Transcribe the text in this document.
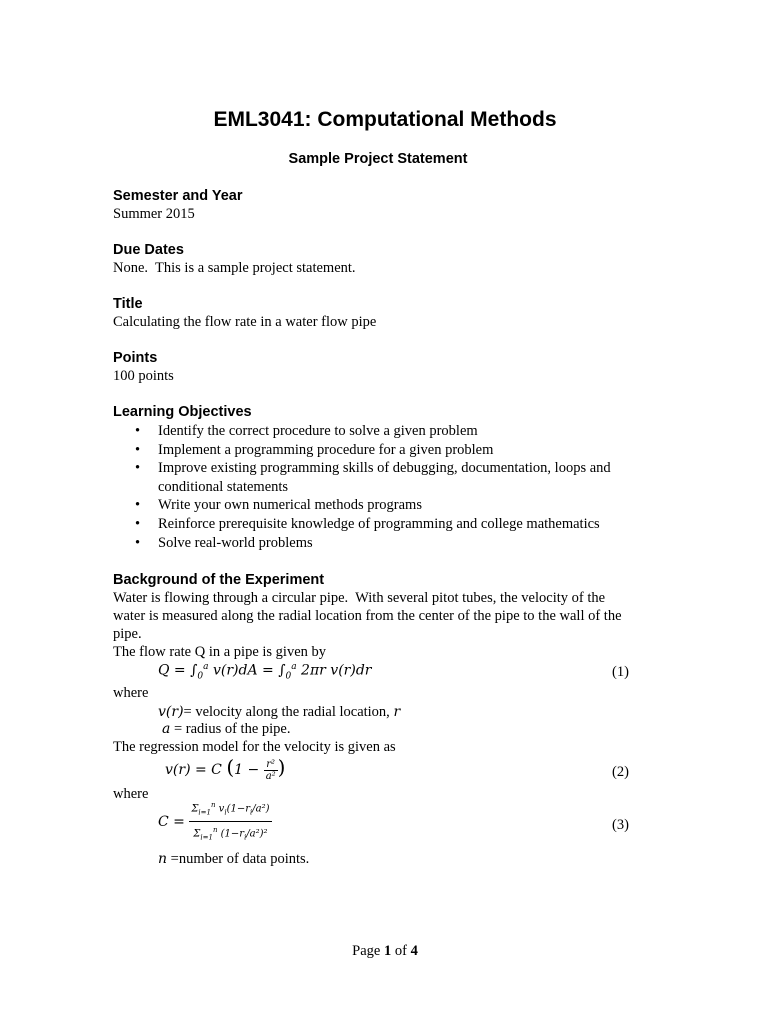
EML3041: Computational Methods
Sample Project Statement
Semester and Year
Summer 2015
Due Dates
None.  This is a sample project statement.
Title
Calculating the flow rate in a water flow pipe
Points
100 points
Learning Objectives
• Identify the correct procedure to solve a given problem
• Implement a programming procedure for a given problem
• Improve existing programming skills of debugging, documentation, loops and
conditional statements
• Write your own numerical methods programs
• Reinforce prerequisite knowledge of programming and college mathematics
• Solve real-world problems
Background of the Experiment
Water is flowing through a circular pipe.  With several pitot tubes, the velocity of the
water is measured along the radial location from the center of the pipe to the wall of the
pipe.
The flow rate Q in a pipe is given by
$Q = \int_0^a$ $v(r)dA = \int_0^a$ 2πr v(r)dr	(1)
where
v(r)= velocity along the radial location, r
a = radius of the pipe.
The regression model for the velocity is given as
v(r) = C ($1 - \frac{\text{r²}}{\text{a²}}$ )	(2)
where
$C = \frac{\Sigma_{i=1}^n v_i(1-r_i/a^2)}{\Sigma_{i=1}^n (1-r_i/a^2)^2}$	(3)
n =number of data points.
Page 1 of 4
